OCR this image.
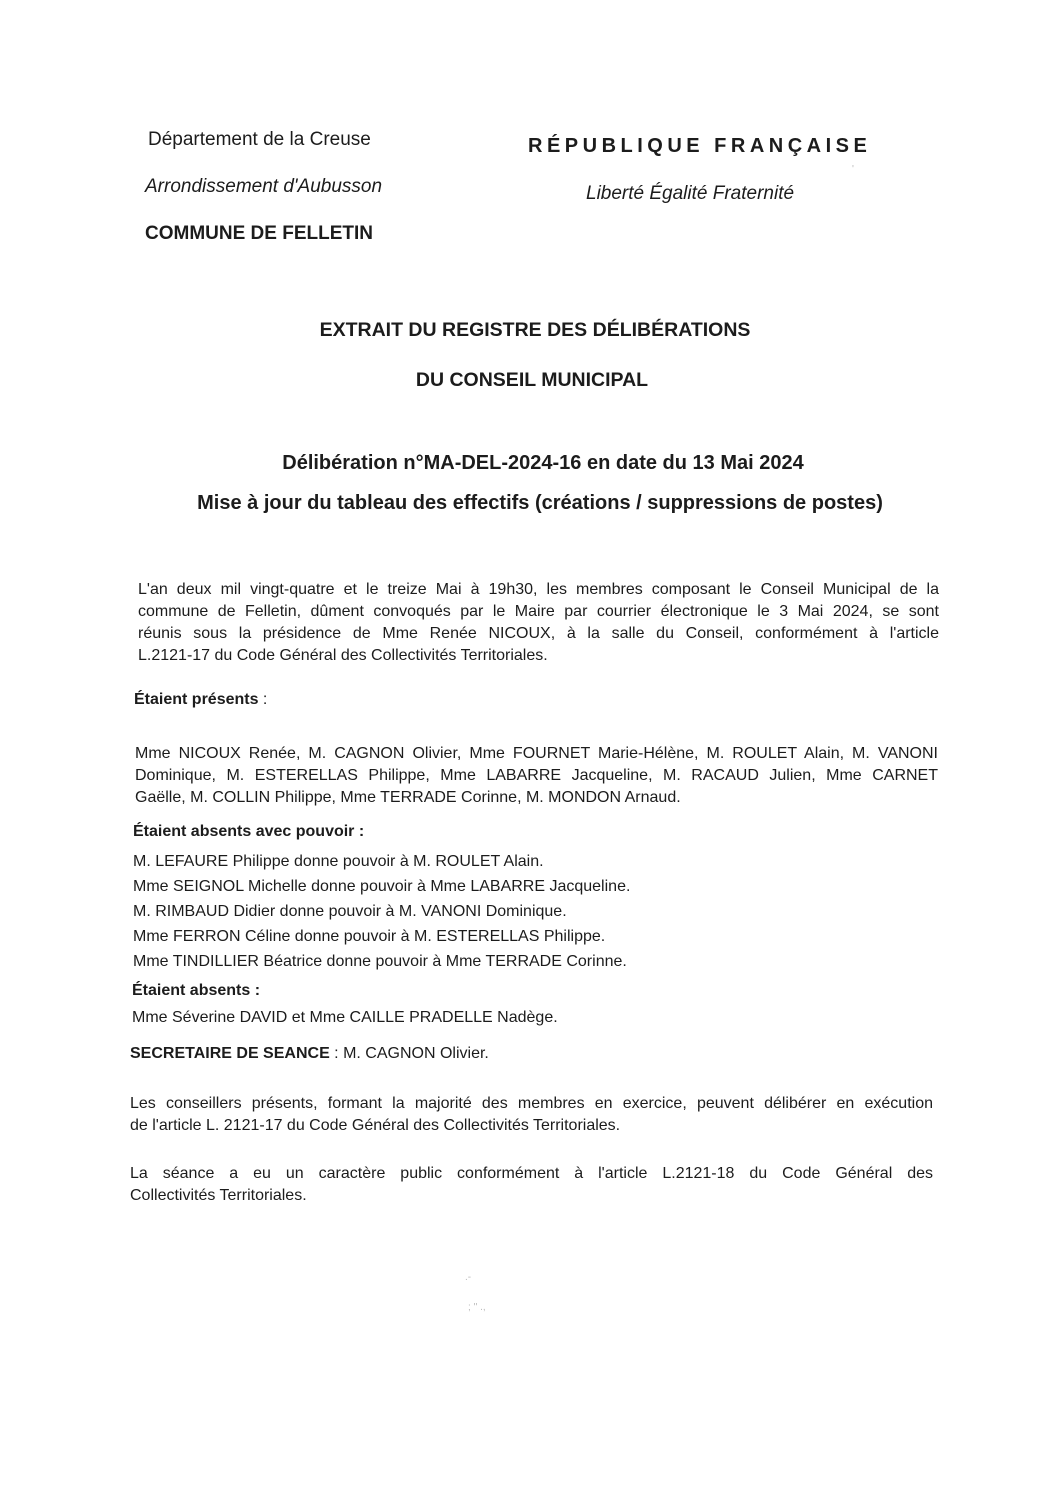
Département de la Creuse
Arrondissement d'Aubusson
COMMUNE DE FELLETIN
RÉPUBLIQUE FRANÇAISE
Liberté Égalité Fraternité
'
EXTRAIT DU REGISTRE DES DÉLIBÉRATIONS
DU CONSEIL MUNICIPAL
Délibération n°MA-DEL-2024-16 en date du 13 Mai 2024
Mise à jour du tableau des effectifs (créations / suppressions de postes)
L'an deux mil vingt-quatre et le treize Mai à 19h30, les membres composant le Conseil Municipal de la
commune de Felletin, dûment convoqués par le Maire par courrier électronique le 3 Mai 2024, se sont
réunis sous la présidence de Mme Renée NICOUX, à la salle du Conseil, conformément à l'article
L.2121-17 du Code Général des Collectivités Territoriales.
Étaient présents :
Mme NICOUX Renée, M. CAGNON Olivier, Mme FOURNET Marie-Hélène, M. ROULET Alain, M. VANONI
Dominique, M. ESTERELLAS Philippe, Mme LABARRE Jacqueline, M. RACAUD Julien, Mme CARNET
Gaëlle, M. COLLIN Philippe, Mme TERRADE Corinne, M. MONDON Arnaud.
Étaient absents avec pouvoir :
M. LEFAURE Philippe donne pouvoir à M. ROULET Alain.
Mme SEIGNOL Michelle donne pouvoir à Mme LABARRE Jacqueline.
M. RIMBAUD Didier donne pouvoir à M. VANONI Dominique.
Mme FERRON Céline donne pouvoir à M. ESTERELLAS Philippe.
Mme TINDILLIER Béatrice donne pouvoir à Mme TERRADE Corinne.
Étaient absents :
Mme Séverine DAVID et Mme CAILLE PRADELLE Nadège.
SECRETAIRE DE SEANCE : M. CAGNON Olivier.
Les conseillers présents, formant la majorité des membres en exercice, peuvent délibérer en exécution
de l'article L. 2121-17 du Code Général des Collectivités Territoriales.
La séance a eu un caractère public conformément à l'article L.2121-18 du Code Général des
Collectivités Territoriales.
.-
; '' .,
